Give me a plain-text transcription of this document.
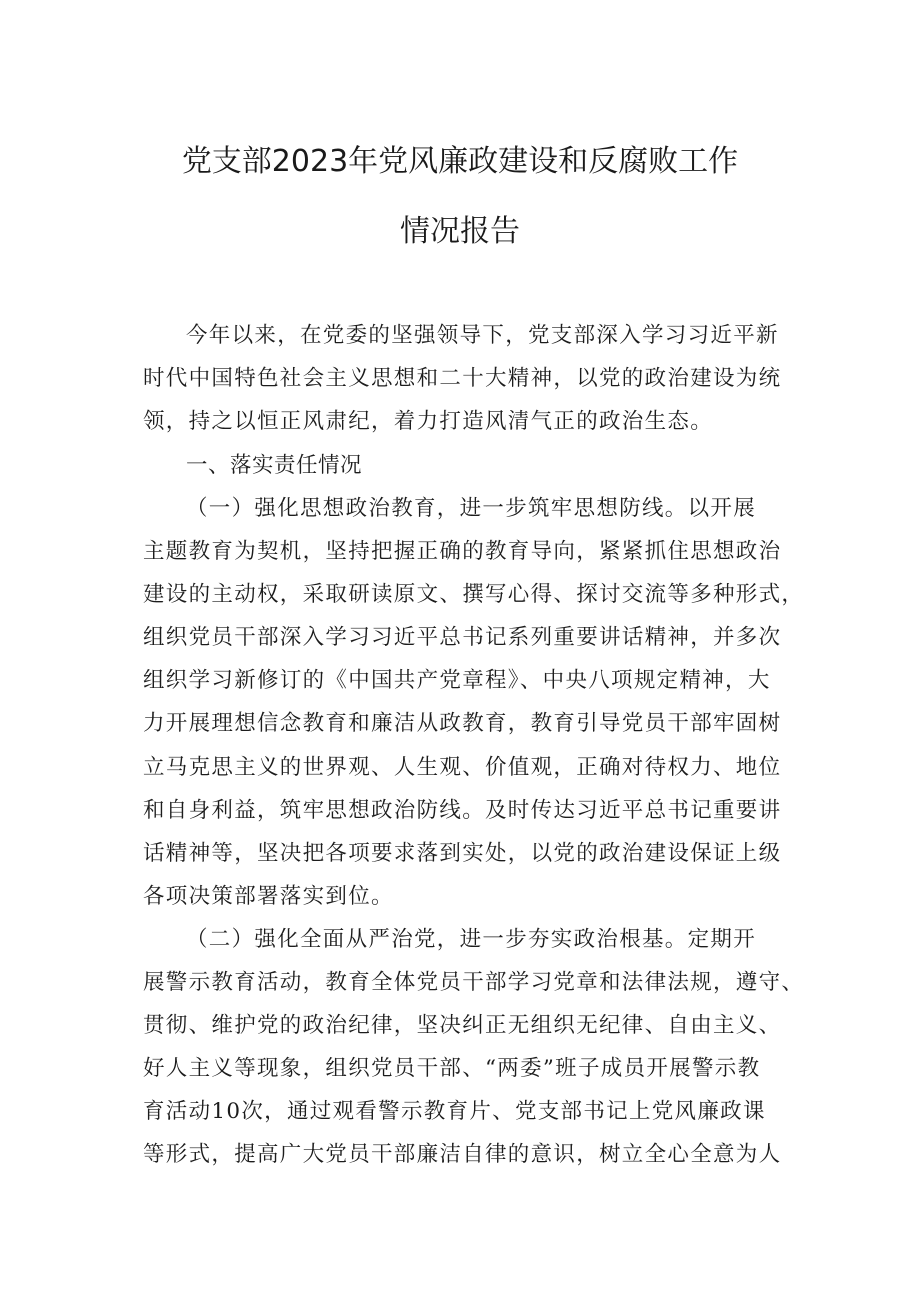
党支部2023年党风廉政建设和反腐败工作
情况报告
今年以来，在党委的坚强领导下，党支部深入学习习近平新
时代中国特色社会主义思想和二十大精神，以党的政治建设为统
领，持之以恒正风肃纪，着力打造风清气正的政治生态。
一、落实责任情况
（一）强化思想政治教育，进一步筑牢思想防线。以开展
主题教育为契机，坚持把握正确的教育导向，紧紧抓住思想政治
建设的主动权，采取研读原文、撰写心得、探讨交流等多种形式，
组织党员干部深入学习习近平总书记系列重要讲话精神，并多次
组织学习新修订的《中国共产党章程》、中央八项规定精神，大
力开展理想信念教育和廉洁从政教育，教育引导党员干部牢固树
立马克思主义的世界观、人生观、价值观，正确对待权力、地位
和自身利益，筑牢思想政治防线。及时传达习近平总书记重要讲
话精神等，坚决把各项要求落到实处，以党的政治建设保证上级
各项决策部署落实到位。
（二）强化全面从严治党，进一步夯实政治根基。定期开
展警示教育活动，教育全体党员干部学习党章和法律法规，遵守、
贯彻、维护党的政治纪律，坚决纠正无组织无纪律、自由主义、
好人主义等现象，组织党员干部、“两委”班子成员开展警示教
育活动10次，通过观看警示教育片、党支部书记上党风廉政课
等形式，提高广大党员干部廉洁自律的意识，树立全心全意为人
